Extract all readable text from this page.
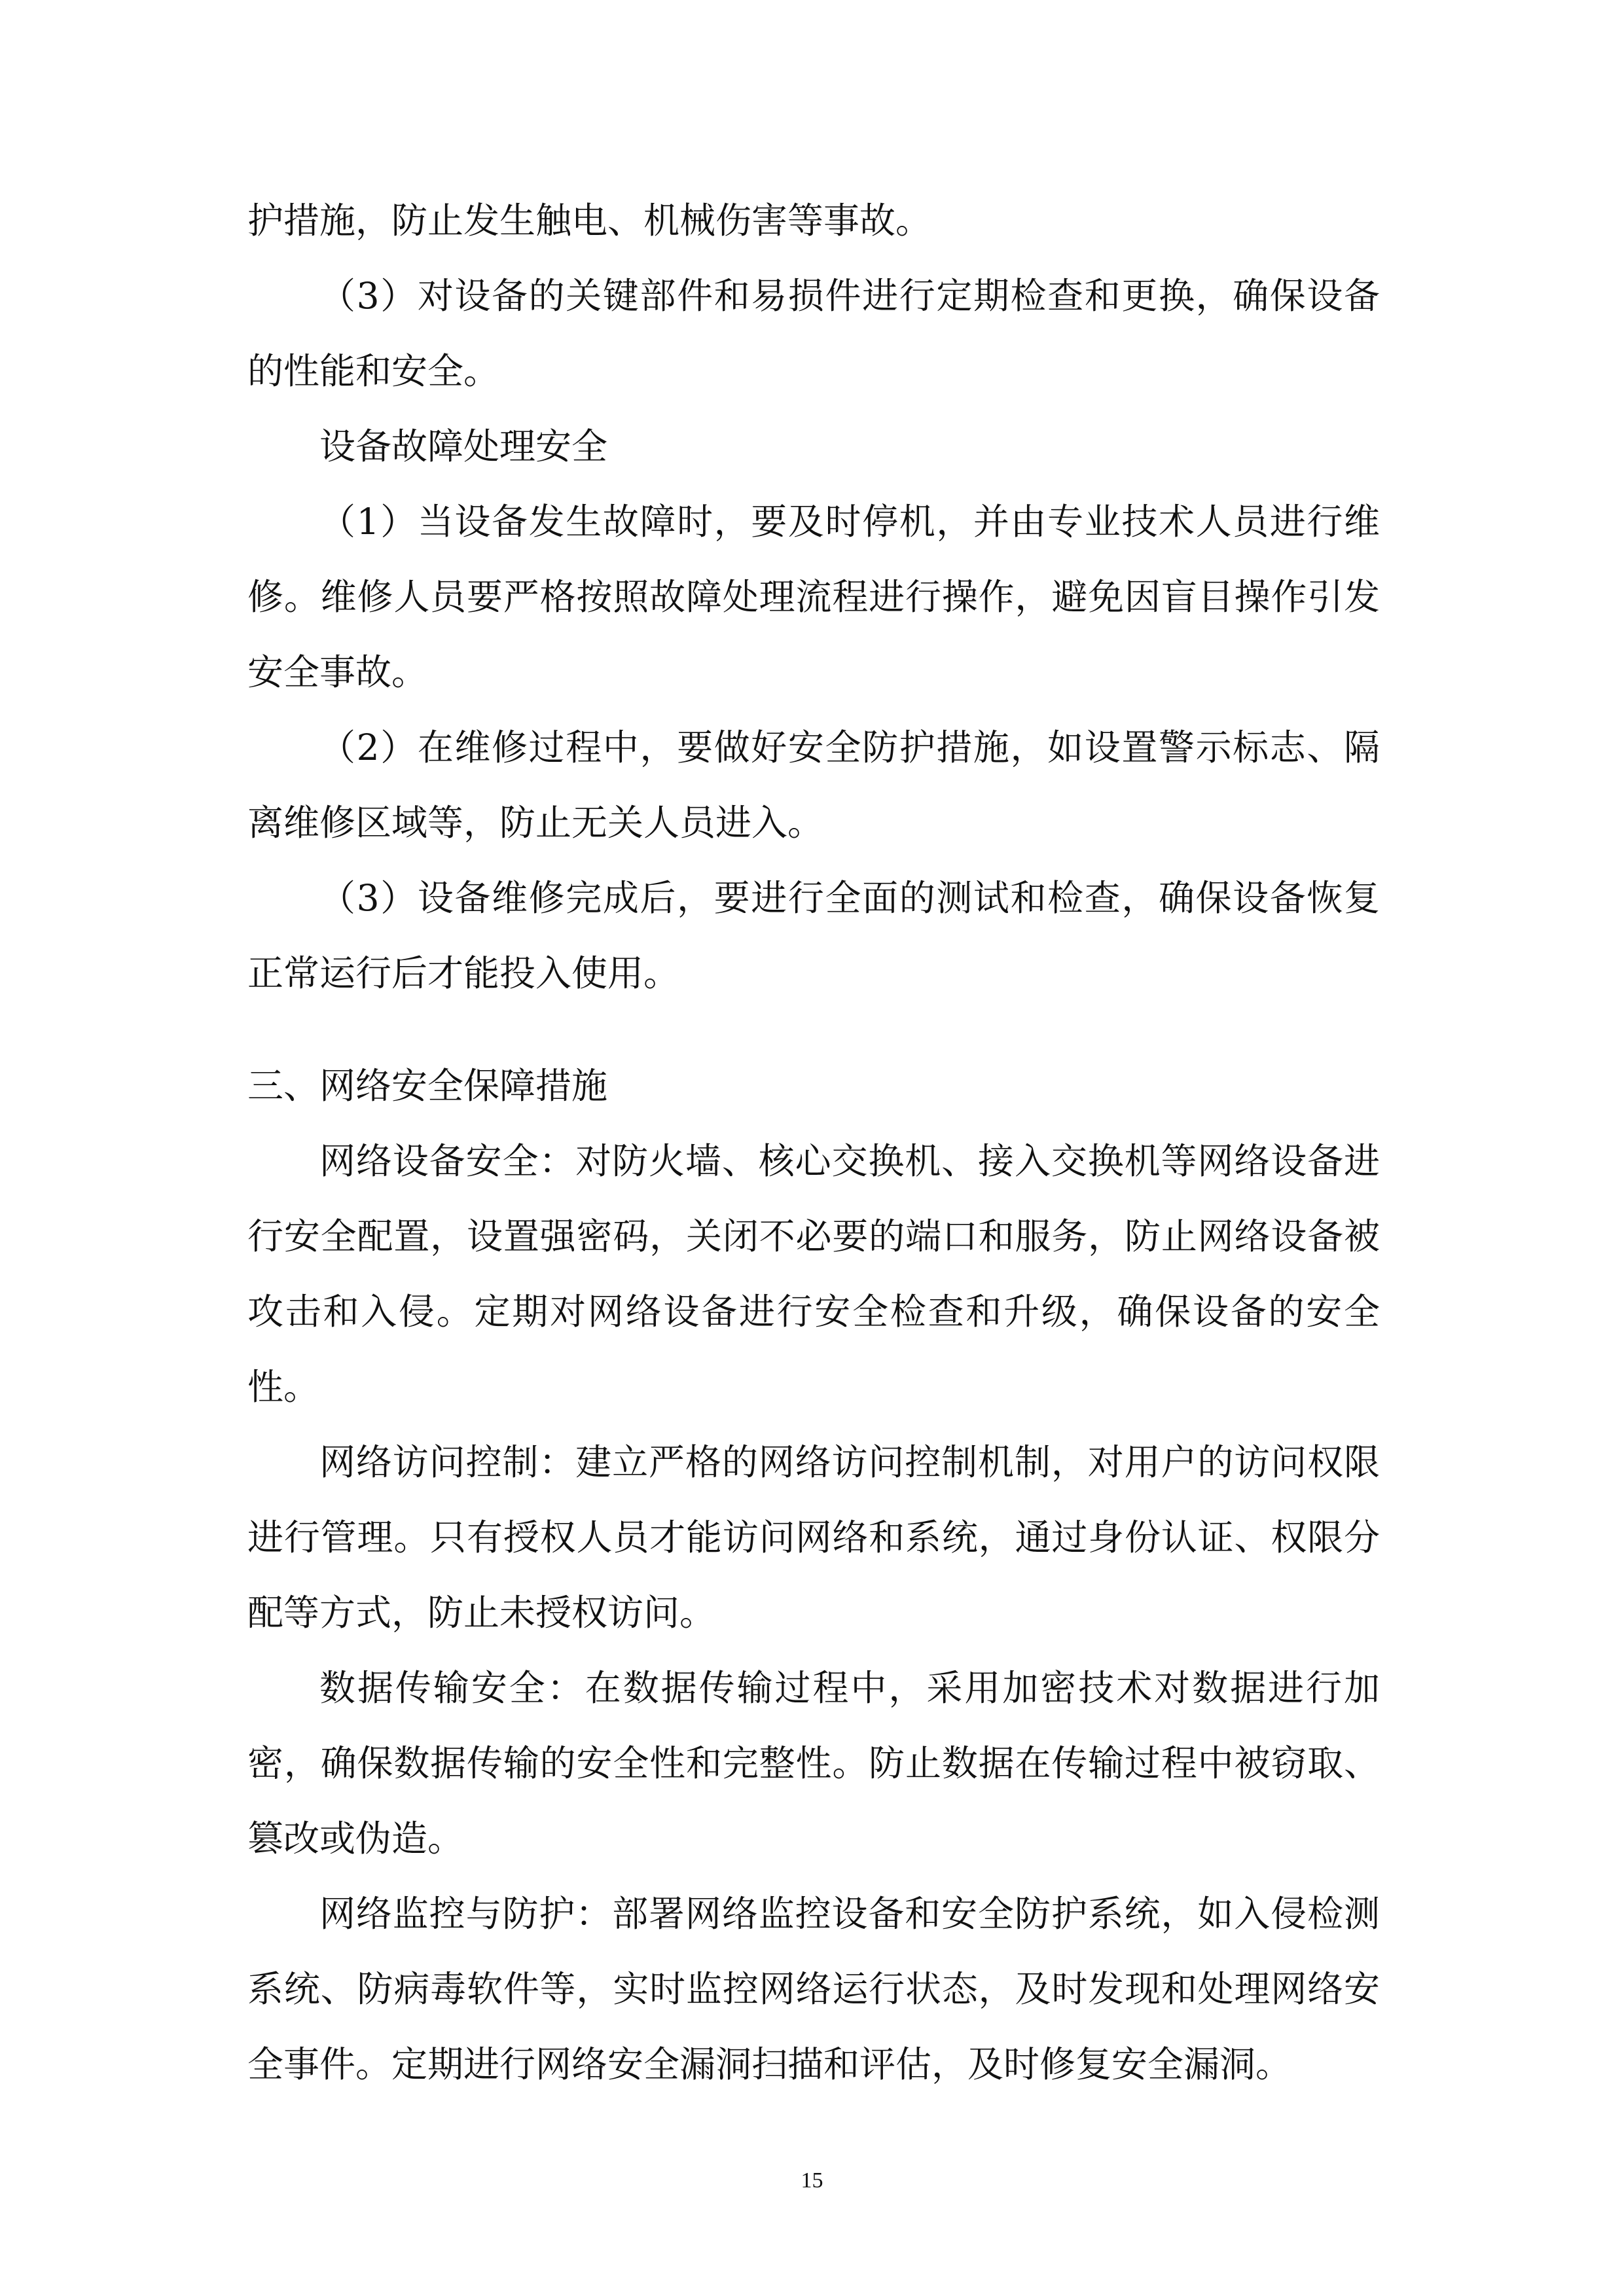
护措施，防止发生触电、机械伤害等事故。

（3）对设备的关键部件和易损件进行定期检查和更换，确保设备的性能和安全。

设备故障处理安全

（1）当设备发生故障时，要及时停机，并由专业技术人员进行维修。维修人员要严格按照故障处理流程进行操作，避免因盲目操作引发安全事故。

（2）在维修过程中，要做好安全防护措施，如设置警示标志、隔离维修区域等，防止无关人员进入。

（3）设备维修完成后，要进行全面的测试和检查，确保设备恢复正常运行后才能投入使用。

三、网络安全保障措施

网络设备安全：对防火墙、核心交换机、接入交换机等网络设备进行安全配置，设置强密码，关闭不必要的端口和服务，防止网络设备被攻击和入侵。定期对网络设备进行安全检查和升级，确保设备的安全性。

网络访问控制：建立严格的网络访问控制机制，对用户的访问权限进行管理。只有授权人员才能访问网络和系统，通过身份认证、权限分配等方式，防止未授权访问。

数据传输安全：在数据传输过程中，采用加密技术对数据进行加密，确保数据传输的安全性和完整性。防止数据在传输过程中被窃取、篡改或伪造。

网络监控与防护：部署网络监控设备和安全防护系统，如入侵检测系统、防病毒软件等，实时监控网络运行状态，及时发现和处理网络安全事件。定期进行网络安全漏洞扫描和评估，及时修复安全漏洞。

15
